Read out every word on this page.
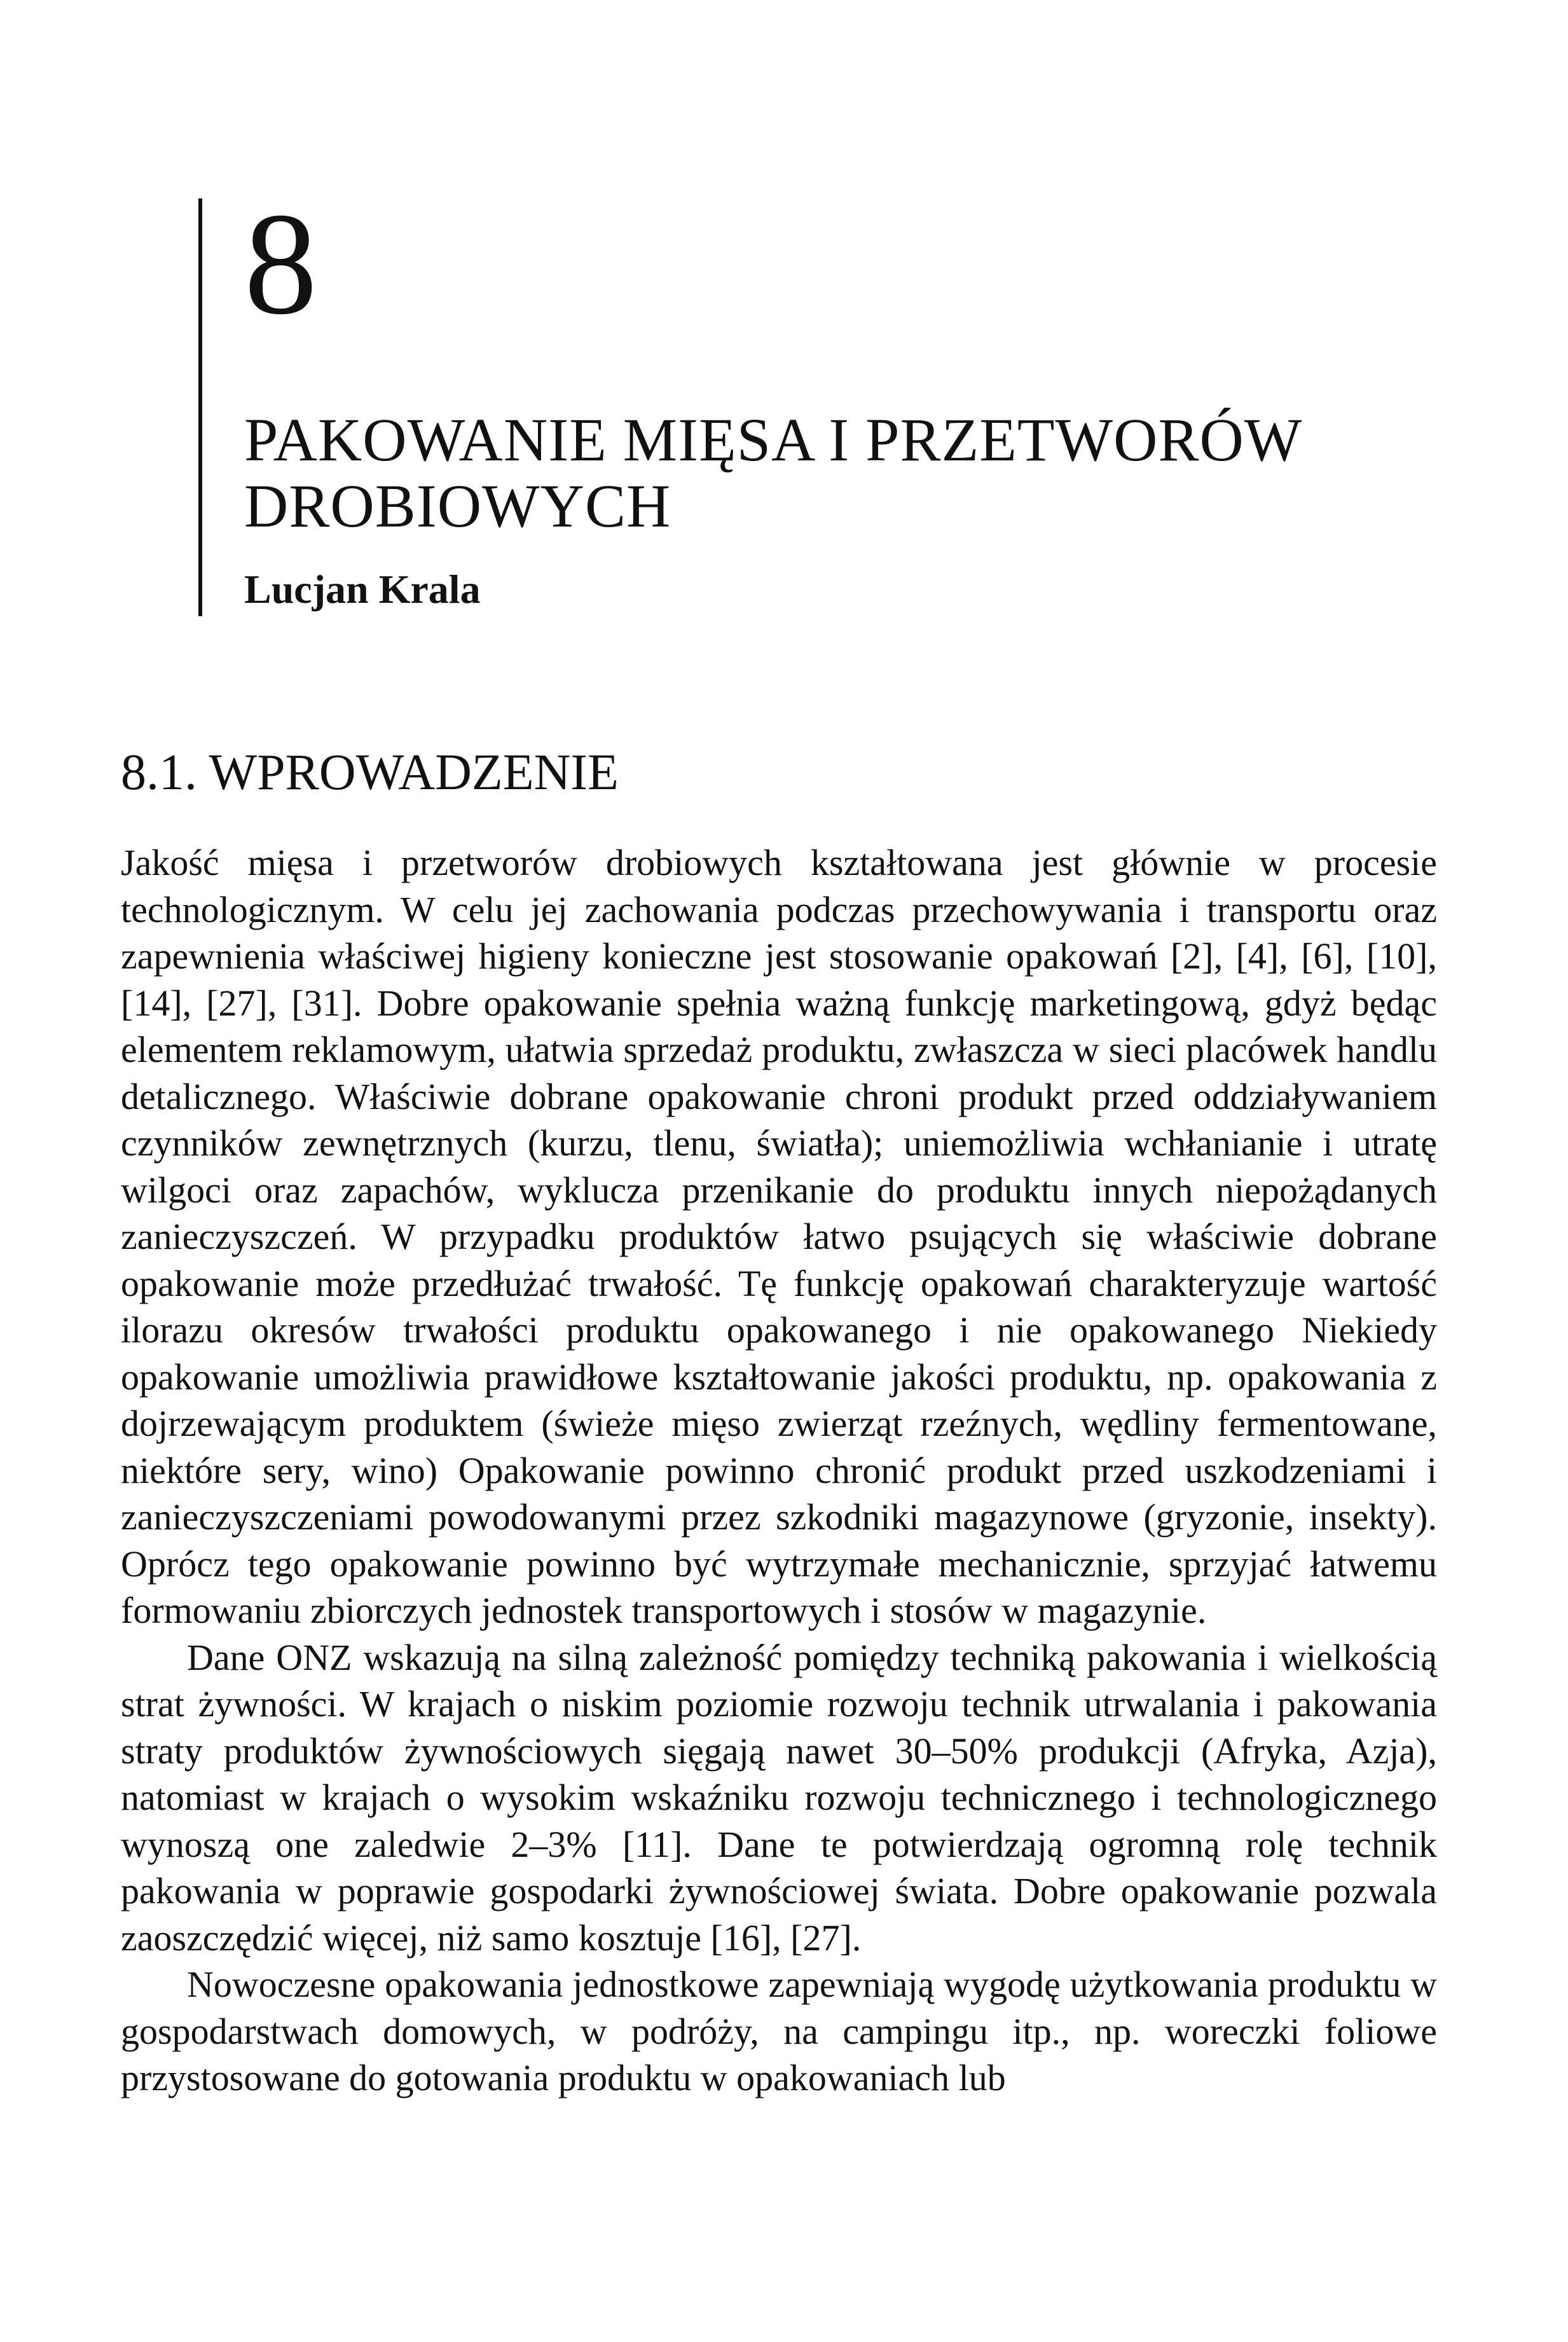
8
PAKOWANIE MIĘSA I PRZETWORÓW DROBIOWYCH
Lucjan Krala
8.1. WPROWADZENIE

Jakość mięsa i przetworów drobiowych kształtowana jest głównie w procesie technologicznym. W celu jej zachowania podczas przechowywania i transportu oraz zapewnienia właściwej higieny konieczne jest stosowanie opakowań [2], [4], [6], [10], [14], [27], [31]. Dobre opakowanie spełnia ważną funkcję marketingową, gdyż będąc elementem reklamowym, ułatwia sprzedaż produktu, zwłaszcza w sieci placówek handlu detalicznego. Właściwie dobrane opakowanie chroni produkt przed oddziaływaniem czynników zewnętrznych (kurzu, tlenu, światła); uniemożliwia wchłanianie i utratę wilgoci oraz zapachów, wyklucza przenikanie do produktu innych niepożądanych zanieczyszczeń. W przypadku produktów łatwo psujących się właściwie dobrane opakowanie może przedłużać trwałość. Tę funkcję opakowań charakteryzuje wartość ilorazu okresów trwałości produktu opakowanego i nie opakowanego Niekiedy opakowanie umożliwia prawidłowe kształtowanie jakości produktu, np. opakowania z dojrzewającym produktem (świeże mięso zwierząt rzeźnych, wędliny fermentowane, niektóre sery, wino) Opakowanie powinno chronić produkt przed uszkodzeniami i zanieczyszczeniami powodowanymi przez szkodniki magazynowe (gryzonie, insekty). Oprócz tego opakowanie powinno być wytrzymałe mechanicznie, sprzyjać łatwemu formowaniu zbiorczych jednostek transportowych i stosów w magazynie.

Dane ONZ wskazują na silną zależność pomiędzy techniką pakowania i wielkością strat żywności. W krajach o niskim poziomie rozwoju technik utrwalania i pakowania straty produktów żywnościowych sięgają nawet 30–50% produkcji (Afryka, Azja), natomiast w krajach o wysokim wskaźniku rozwoju technicznego i technologicznego wynoszą one zaledwie 2–3% [11]. Dane te potwierdzają ogromną rolę technik pakowania w poprawie gospodarki żywnościowej świata. Dobre opakowanie pozwala zaoszczędzić więcej, niż samo kosztuje [16], [27].

Nowoczesne opakowania jednostkowe zapewniają wygodę użytkowania produktu w gospodarstwach domowych, w podróży, na campingu itp., np. woreczki foliowe przystosowane do gotowania produktu w opakowaniach lub
